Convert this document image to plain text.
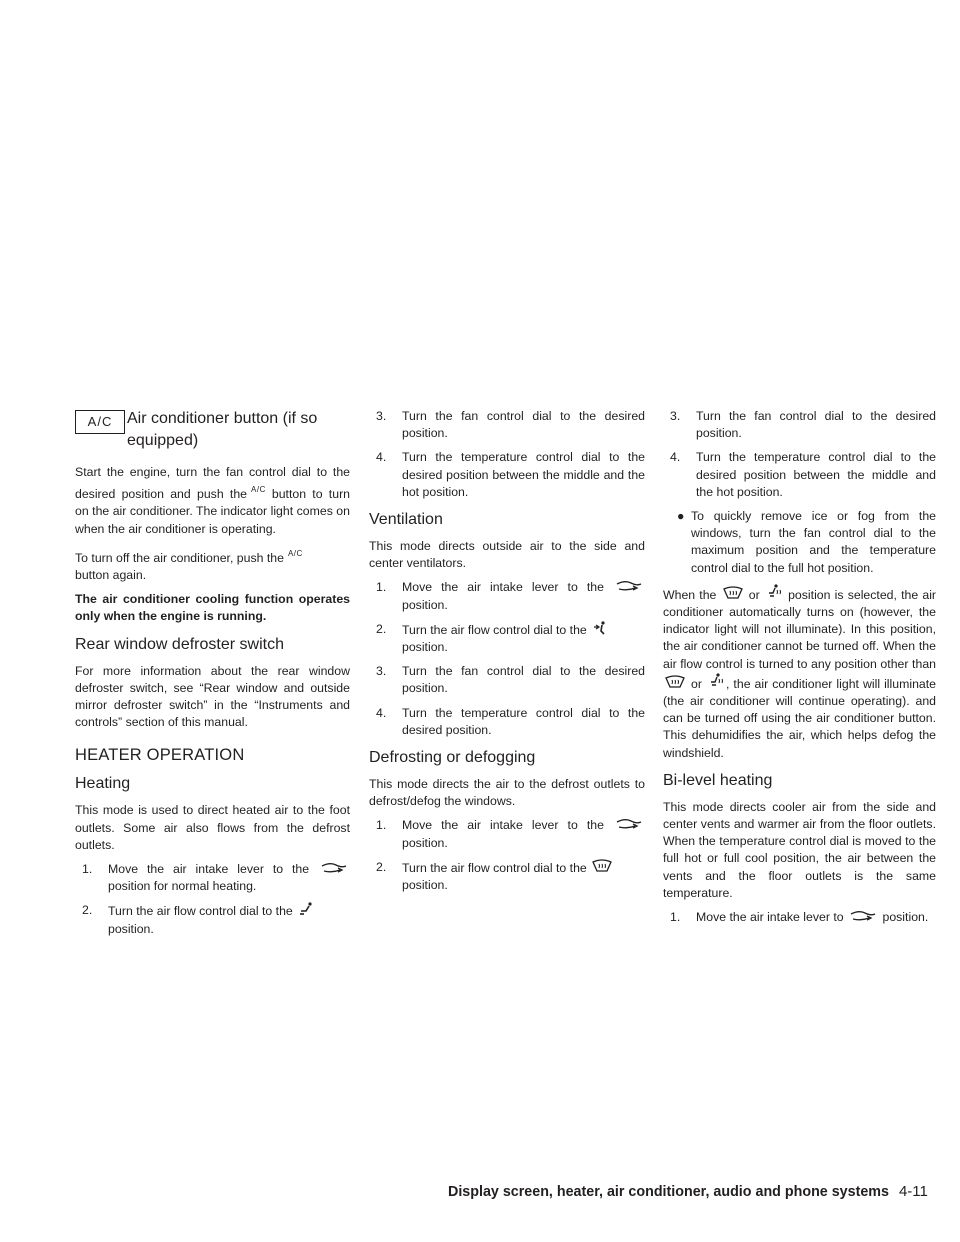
A/C Air conditioner button (if so equipped)

Start the engine, turn the fan control dial to the desired position and push the A/C button to turn on the air conditioner. The indicator light comes on when the air conditioner is operating.

To turn off the air conditioner, push the A/C
button again.

The air conditioner cooling function operates only when the engine is running.

Rear window defroster switch

For more information about the rear window defroster switch, see “Rear window and outside mirror defroster switch” in the “Instruments and controls” section of this manual.

HEATER OPERATION
Heating

This mode is used to direct heated air to the foot outlets. Some air also flows from the defrost outlets.

1. Move the air intake lever to the
position for normal heating.
2. Turn the air flow control dial to the

position.
3. Turn the fan control dial to the desired position.
4. Turn the temperature control dial to the desired position between the middle and the hot position.
Ventilation

This mode directs outside air to the side and center ventilators.

1. Move the air intake lever to the
position.
2. Turn the air flow control dial to the

position.
3. Turn the fan control dial to the desired position.
4. Turn the temperature control dial to the desired position.
Defrosting or defogging

This mode directs the air to the defrost outlets to defrost/defog the windows.

1. Move the air intake lever to the
position.
2. Turn the air flow control dial to the

position.
3. Turn the fan control dial to the desired position.
4. Turn the temperature control dial to the desired position between the middle and the hot position.
● To quickly remove ice or fog from the windows, turn the fan control dial to the maximum position and the temperature control dial to the full hot position.

When the	or position is selected, the air conditioner automatically turns on (however, the indicator light will not illuminate). In this position, the air conditioner cannot be turned off. When the air flow control is turned to any position other than
or , the air conditioner light will illuminate (the air conditioner will continue operating). and can be turned off using the air conditioner button. This dehumidifies the air, which helps defog the windshield.

Bi-level heating

This mode directs cooler air from the side and center vents and warmer air from the floor outlets. When the temperature control dial is moved to the full hot or full cool position, the air between the vents and the floor outlets is the same temperature.

1. Move the air intake lever to	position.
Display screen, heater, air conditioner, audio and phone systems 4-11
